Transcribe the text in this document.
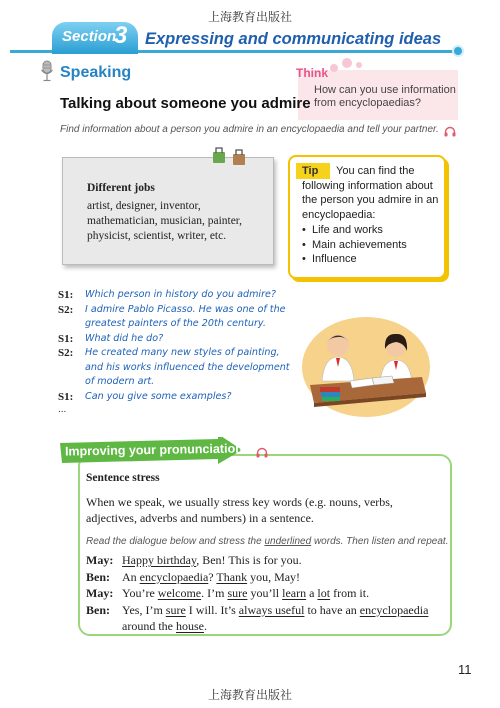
上海教育出版社
Section
3 Expressing and communicating ideas
Speaking	Think
How can you use information from encyclopaedias?
Talking about someone you admire
Find information about a person you admire in an encyclopaedia and tell your partner.
Different jobs
artist, designer, inventor, mathematician, musician, painter, physicist, scientist, writer, etc.
You can find the following information about the person you admire in an encyclopaedia:
Tip
• Life and works
• Main achievements
• Influence
S1:	Which person in history do you admire?
S2:	I admire Pablo Picasso. He was one of the greatest painters of the 20th century.
S1:	What did he do?
S2:	He created many new styles of painting, and his works influenced the development of modern art.
S1:	Can you give some examples?
...
Improving your pronunciation
Sentence stress
When we speak, we usually stress key words (e.g. nouns, verbs, adjectives, adverbs and numbers) in a sentence.
Read the dialogue below and stress the underlined words. Then listen and repeat.
May: Happy birthday, Ben! This is for you.
Ben:	An encyclopaedia? Thank you, May!
May: You’re welcome. I’m sure you’ll learn a lot from it.
Ben:	Yes, I’m sure I will. It’s always useful to have an encyclopaedia around the house.
11
上海教育出版社
